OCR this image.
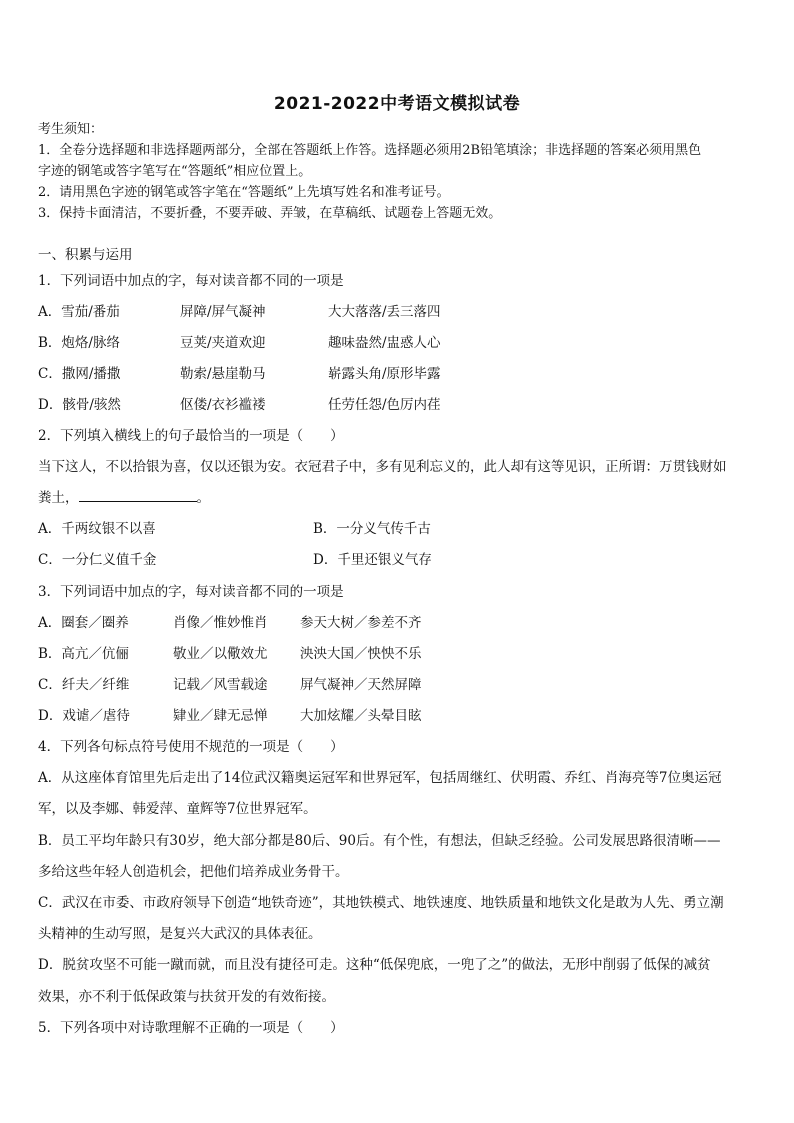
2021-2022中考语文模拟试卷
考生须知：
1．全卷分选择题和非选择题两部分，全部在答题纸上作答。选择题必须用2B铅笔填涂；非选择题的答案必须用黑色
字迹的钢笔或答字笔写在“答题纸”相应位置上。
2．请用黑色字迹的钢笔或答字笔在“答题纸”上先填写姓名和准考证号。
3．保持卡面清洁，不要折叠，不要弄破、弄皱，在草稿纸、试题卷上答题无效。
一、积累与运用
1．下列词语中加点的字，每对读音都不同的一项是
A．雪茄/番茄	屏障/屏气凝神	大大落落/丢三落四
B．炮烙/脉络	豆荚/夹道欢迎	趣味盎然/盅惑人心
C．撒网/播撒	勒索/悬崖勒马	崭露头角/原形毕露
D．骸骨/骇然	伛偻/衣衫褴褛	任劳任怨/色厉内荏
2．下列填入横线上的句子最恰当的一项是（　　）
当下这人，不以拾银为喜，仅以还银为安。衣冠君子中，多有见利忘义的，此人却有这等见识，正所谓：万贯钱财如
粪土，	。
A．千两纹银不以喜	B．一分义气传千古
C．一分仁义值千金	D．千里还银义气存
3．下列词语中加点的字，每对读音都不同的一项是
A．圈套／圈养	肖像／惟妙惟肖 参天大树／参差不齐
B．高亢／伉俪	敬业／以儆效尤 泱泱大国／怏怏不乐
C．纤夫／纤维	记载／风雪载途 屏气凝神／天然屏障
D．戏谑／虐待	肄业／肆无忌惮 大加炫耀／头晕目眩
4．下列各句标点符号使用不规范的一项是（　　）
A．从这座体育馆里先后走出了14位武汉籍奥运冠军和世界冠军，包括周继红、伏明霞、乔红、肖海亮等7位奥运冠
军，以及李娜、韩爱萍、童辉等7位世界冠军。
B．员工平均年龄只有30岁，绝大部分都是80后、90后。有个性，有想法，但缺乏经验。公司发展思路很清晰——
多给这些年轻人创造机会，把他们培养成业务骨干。
C．武汉在市委、市政府领导下创造“地铁奇迹”，其地铁模式、地铁速度、地铁质量和地铁文化是敢为人先、勇立潮
头精神的生动写照，是复兴大武汉的具体表征。
D．脱贫攻坚不可能一蹴而就，而且没有捷径可走。这种“低保兜底，一兜了之”的做法，无形中削弱了低保的减贫
效果，亦不利于低保政策与扶贫开发的有效衔接。
5．下列各项中对诗歌理解不正确的一项是（　　）
